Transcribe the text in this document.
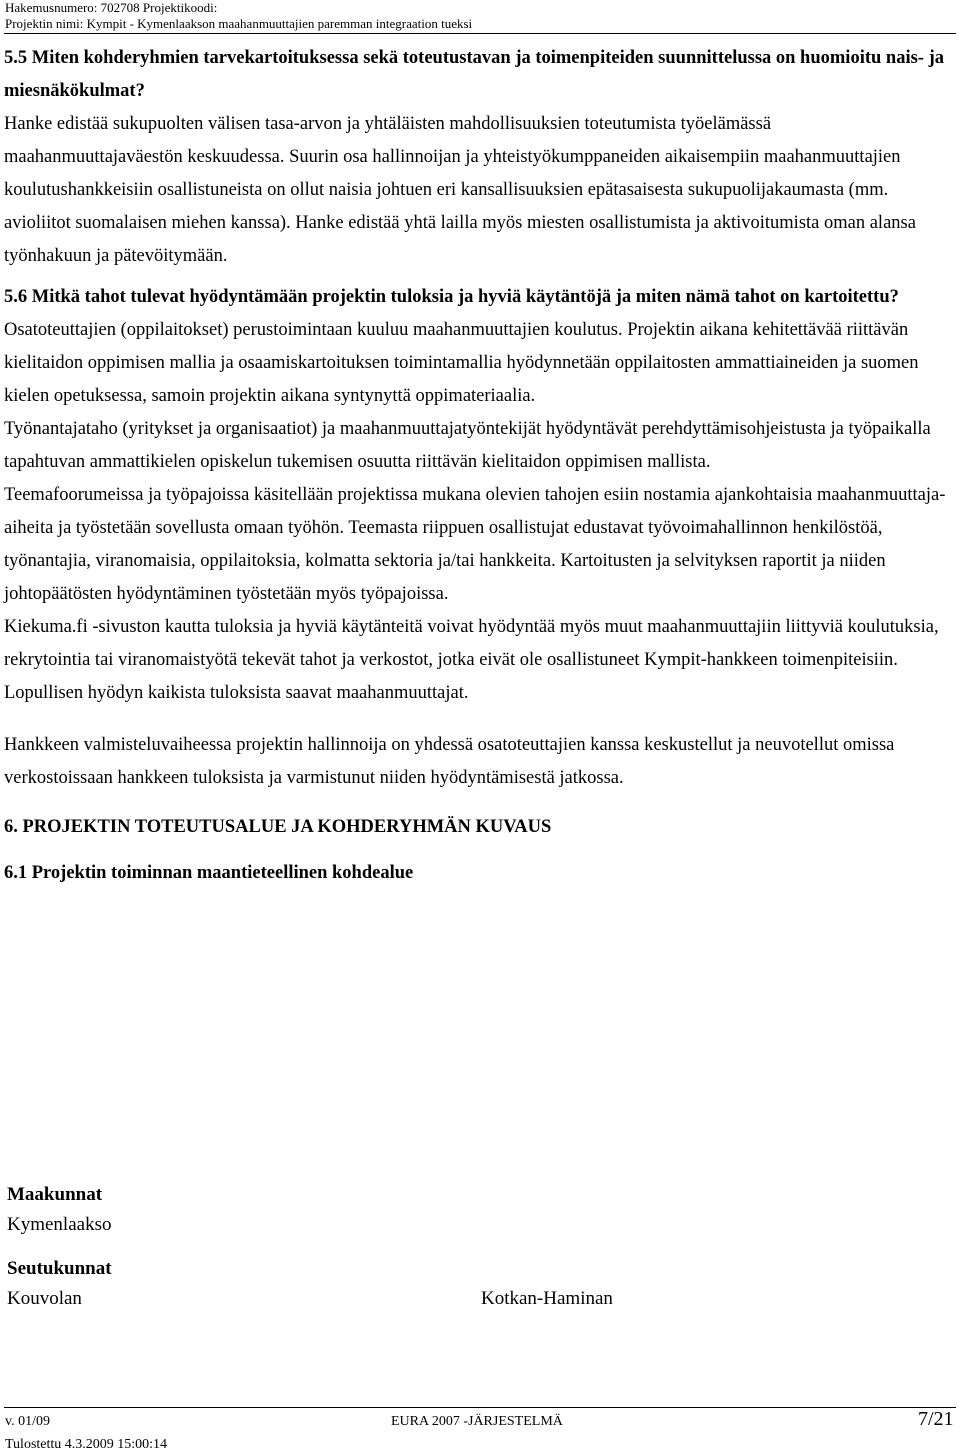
Hakemusnumero: 702708 Projektikoodi:
Projektin nimi: Kympit - Kymenlaakson maahanmuuttajien paremman integraation tueksi

5.5 Miten kohderyhmien tarvekartoituksessa sekä toteutustavan ja toimenpiteiden suunnittelussa on huomioitu nais- ja miesnäkökulmat?

Hanke edistää sukupuolten välisen tasa-arvon ja yhtäläisten mahdollisuuksien toteutumista työelämässä maahanmuuttajaväestön keskuudessa. Suurin osa hallinnoijan ja yhteistyökumppaneiden aikaisempiin maahanmuuttajien koulutushankkeisiin osallistuneista on ollut naisia johtuen eri kansallisuuksien epätasaisesta sukupuolijakaumasta (mm. avioliitot suomalaisen miehen kanssa). Hanke edistää yhtä lailla myös miesten osallistumista ja aktivoitumista oman alansa työnhakuun ja pätevöitymään.

5.6 Mitkä tahot tulevat hyödyntämään projektin tuloksia ja hyviä käytäntöjä ja miten nämä tahot on kartoitettu?

Osatoteuttajien (oppilaitokset) perustoimintaan kuuluu maahanmuuttajien koulutus. Projektin aikana kehitettävää riittävän kielitaidon oppimisen mallia ja osaamiskartoituksen toimintamallia hyödynnetään oppilaitosten ammattiaineiden ja suomen kielen opetuksessa, samoin projektin aikana syntynyttä oppimateriaalia.

Työnantajataho (yritykset ja organisaatiot) ja maahanmuuttajatyöntekijät hyödyntävät perehdyttämisohjeistusta ja työpaikalla tapahtuvan ammattikielen opiskelun tukemisen osuutta riittävän kielitaidon oppimisen mallista.

Teemafoorumeissa ja työpajoissa käsitellään projektissa mukana olevien tahojen esiin nostamia ajankohtaisia maahanmuuttaja-aiheita ja työstetään sovellusta omaan työhön. Teemasta riippuen osallistujat edustavat työvoimahallinnon henkilöstöä, työnantajia, viranomaisia, oppilaitoksia, kolmatta sektoria ja/tai hankkeita. Kartoitusten ja selvityksen raportit ja niiden johtopäätösten hyödyntäminen työstetään myös työpajoissa.

Kiekuma.fi -sivuston kautta tuloksia ja hyviä käytänteitä voivat hyödyntää myös muut maahanmuuttajiin liittyviä koulutuksia, rekrytointia tai viranomaistyötä tekevät tahot ja verkostot, jotka eivät ole osallistuneet Kympit-hankkeen toimenpiteisiin.

Lopullisen hyödyn kaikista tuloksista saavat maahanmuuttajat.

Hankkeen valmisteluvaiheessa projektin hallinnoija on yhdessä osatoteuttajien kanssa keskustellut ja neuvotellut omissa verkostoissaan hankkeen tuloksista ja varmistunut niiden hyödyntämisestä jatkossa.

6. PROJEKTIN TOTEUTUSALUE JA KOHDERYHMÄN KUVAUS

6.1 Projektin toiminnan maantieteellinen kohdealue

Maakunnat
Kymenlaakso
Seutukunnat
Kouvolan	Kotkan-Haminan
v. 01/09	EURA 2007 -JÄRJESTELMÄ	7/21
Tulostettu 4.3.2009 15:00:14
